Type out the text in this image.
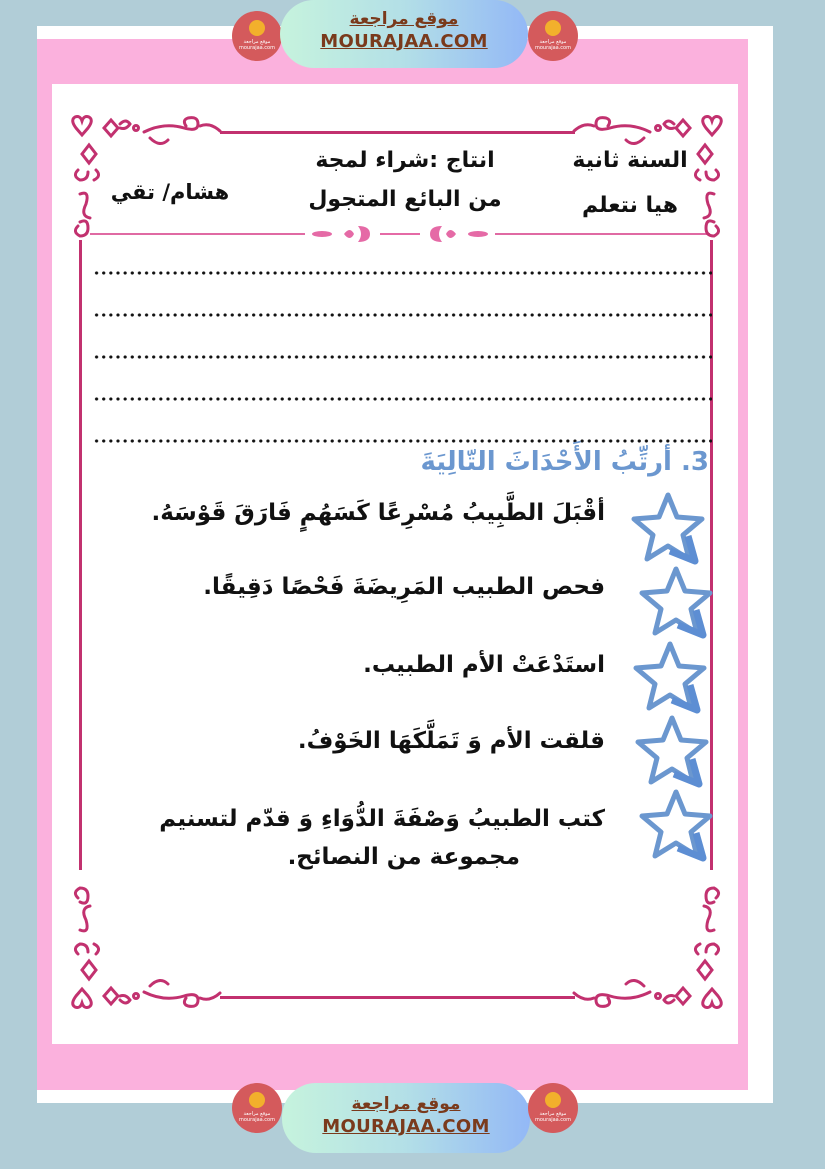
السنة ثانية
هيا نتعلم
انتاج :شراء لمجة
من البائع المتجول
هشام/ تقي
3. أرتِّبُ الأَحْدَاثَ التّالِيَةَ
أقْبَلَ الطَّبِيبُ مُسْرِعًا كَسَهُمٍ فَارَقَ قَوْسَهُ.
فحص الطبيب المَرِيضَةَ فَحْصًا دَقِيقًا.
استَدْعَتْ الأم الطبيب.
قلقت الأم وَ تَمَلَّكَهَا الخَوْفُ.
كتب الطبيبُ وَصْفَةَ الدُّوَاءِ وَ قدّم لتسنيم
مجموعة من النصائح.
موقع مراجعة
mourajaa.com
موقع مراجعة
MOURAJAA.COM	موقع مراجعة
mourajaa.com
موقع مراجعة
mourajaa.com
موقع مراجعة
MOURAJAA.COM
موقع مراجعة
mourajaa.com
